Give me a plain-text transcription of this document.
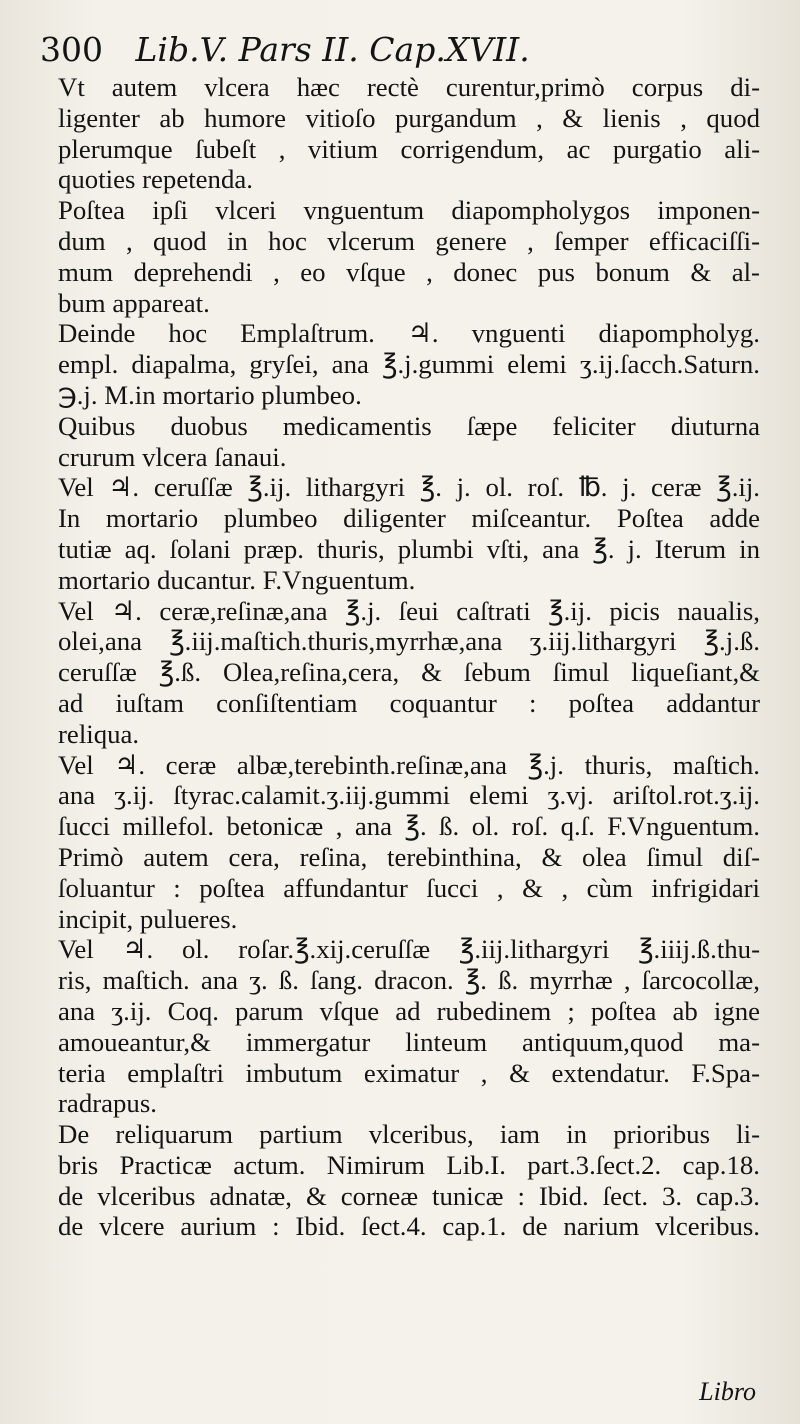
300 Lib.V. Pars II. Cap.XVII.

Vt autem vlcera hæc rectè curentur,primò corpus di-
ligenter ab humore vitioſo purgandum , & lienis , quod
plerumque ſubeſt , vitium corrigendum, ac purgatio ali-
quoties repetenda.

Poſtea ipſi vlceri vnguentum diapompholygos imponen-
dum , quod in hoc vlcerum genere , ſemper efficaciſſi-
mum deprehendi , eo vſque , donec pus bonum & al-
bum appareat.

Deinde hoc Emplaſtrum. ♃. vnguenti diapompholyg.
empl. diapalma, gryſei, ana ℥.j.gummi elemi ʒ.ij.ſacch.Saturn.
℈.j. M.in mortario plumbeo.

Quibus duobus medicamentis ſæpe feliciter diuturna
crurum vlcera ſanaui.

Vel ♃. ceruſſæ ℥.ij. lithargyri ℥. j. ol. roſ. ℔. j. ceræ ℥.ij.
In mortario plumbeo diligenter miſceantur. Poſtea adde
tutiæ aq. ſolani præp. thuris, plumbi vſti, ana ℥. j. Iterum in
mortario ducantur. F.Vnguentum.

Vel ♃. ceræ,reſinæ,ana ℥.j. ſeui caſtrati ℥.ij. picis naualis,
olei,ana ℥.iij.maſtich.thuris,myrrhæ,ana ʒ.iij.lithargyri ℥.j.ß.
ceruſſæ ℥.ß. Olea,reſina,cera, & ſebum ſimul liqueſiant,&
ad iuſtam conſiſtentiam coquantur : poſtea addantur
reliqua.

Vel ♃. ceræ albæ,terebinth.reſinæ,ana ℥.j. thuris, maſtich.
ana ʒ.ij. ſtyrac.calamit.ʒ.iij.gummi elemi ʒ.vj. ariſtol.rot.ʒ.ij.
ſucci millefol. betonicæ , ana ℥. ß. ol. roſ. q.ſ. F.Vnguentum.
Primò autem cera, reſina, terebinthina, & olea ſimul diſ-
ſoluantur : poſtea affundantur ſucci , & , cùm infrigidari
incipit, pulueres.

Vel ♃. ol. roſar.℥.xij.ceruſſæ ℥.iij.lithargyri ℥.iiij.ß.thu-
ris, maſtich. ana ʒ. ß. ſang. dracon. ℥. ß. myrrhæ , ſarcocollæ,
ana ʒ.ij. Coq. parum vſque ad rubedinem ; poſtea ab igne
amoueantur,& immergatur linteum antiquum,quod ma-
teria emplaſtri imbutum eximatur , & extendatur. F.Spa-
radrapus.

De reliquarum partium vlceribus, iam in prioribus li-
bris Practicæ actum. Nimirum Lib.I. part.3.ſect.2. cap.18.
de vlceribus adnatæ, & corneæ tunicæ : Ibid. ſect. 3. cap.3.
de vlcere aurium : Ibid. ſect.4. cap.1. de narium vlceribus.

Libro
